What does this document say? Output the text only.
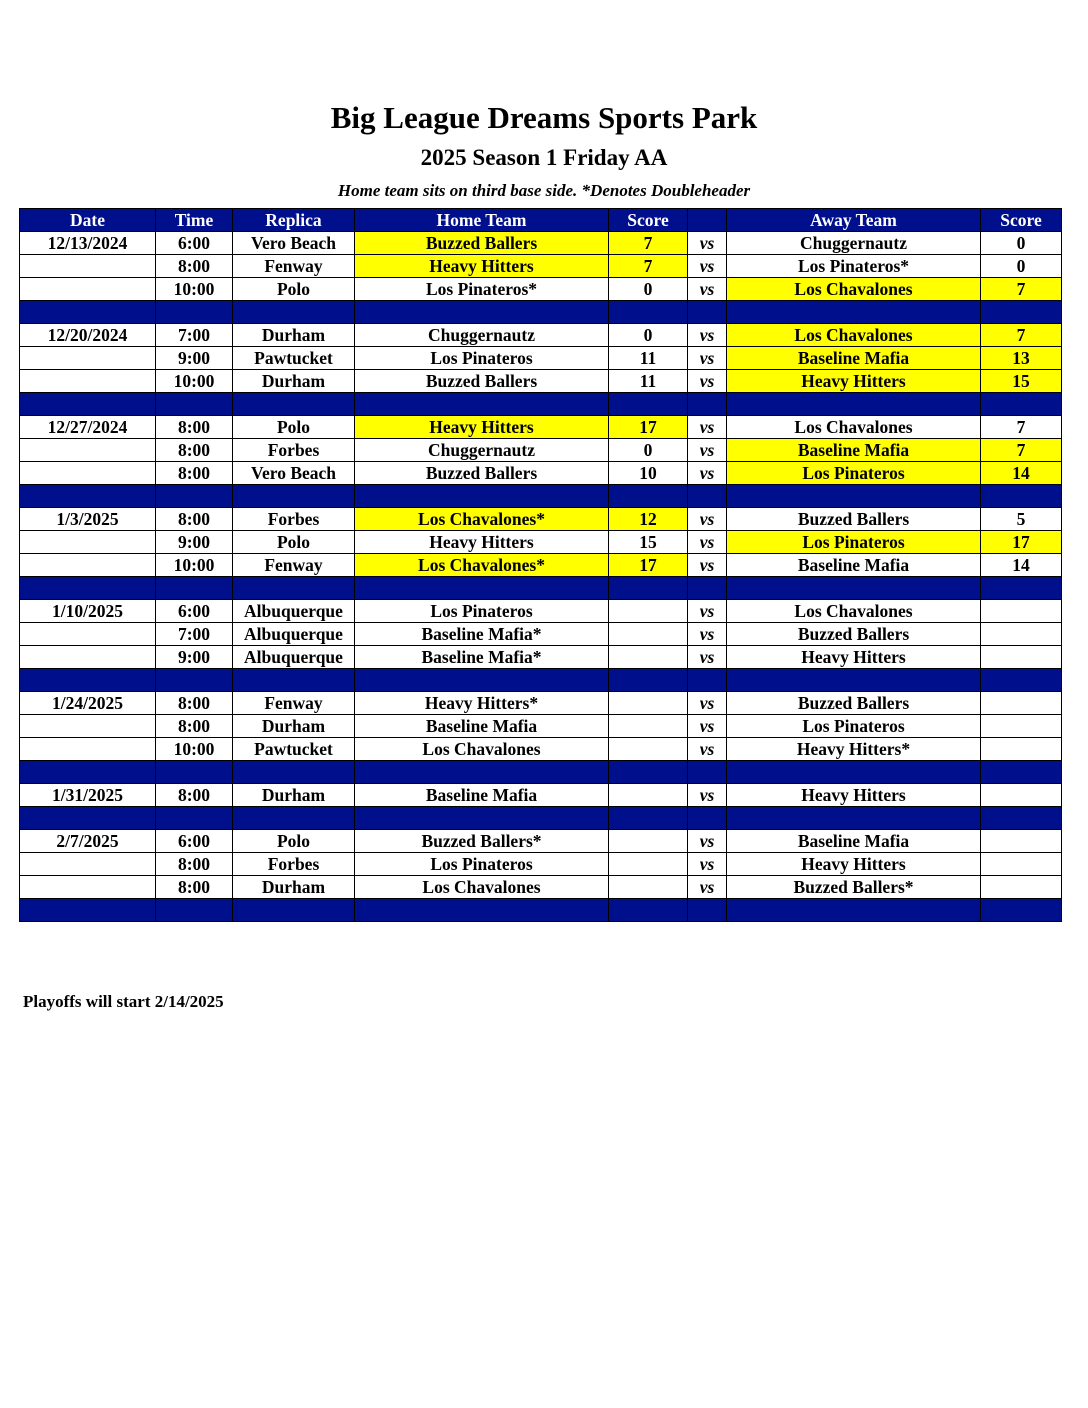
Big League Dreams Sports Park
2025 Season 1 Friday AA
Home team sits on third base side. *Denotes Doubleheader
Date	Time	Replica	Home Team	Score		Away Team	Score
12/13/2024	6:00	Vero Beach	Buzzed Ballers	7	vs	Chuggernautz	0
	8:00	Fenway	Heavy Hitters	7	vs	Los Pinateros*	0
	10:00	Polo	Los Pinateros*	0	vs	Los Chavalones	7

12/20/2024	7:00	Durham	Chuggernautz	0	vs	Los Chavalones	7
	9:00	Pawtucket	Los Pinateros	11	vs	Baseline Mafia	13
	10:00	Durham	Buzzed Ballers	11	vs	Heavy Hitters	15

12/27/2024	8:00	Polo	Heavy Hitters	17	vs	Los Chavalones	7
	8:00	Forbes	Chuggernautz	0	vs	Baseline Mafia	7
	8:00	Vero Beach	Buzzed Ballers	10	vs	Los Pinateros	14

1/3/2025	8:00	Forbes	Los Chavalones*	12	vs	Buzzed Ballers	5
	9:00	Polo	Heavy Hitters	15	vs	Los Pinateros	17
	10:00	Fenway	Los Chavalones*	17	vs	Baseline Mafia	14

1/10/2025	6:00	Albuquerque	Los Pinateros		vs	Los Chavalones	
	7:00	Albuquerque	Baseline Mafia*		vs	Buzzed Ballers	
	9:00	Albuquerque	Baseline Mafia*		vs	Heavy Hitters	

1/24/2025	8:00	Fenway	Heavy Hitters*		vs	Buzzed Ballers	
	8:00	Durham	Baseline Mafia		vs	Los Pinateros	
	10:00	Pawtucket	Los Chavalones		vs	Heavy Hitters*	

1/31/2025	8:00	Durham	Baseline Mafia		vs	Heavy Hitters	

2/7/2025	6:00	Polo	Buzzed Ballers*		vs	Baseline Mafia	
	8:00	Forbes	Los Pinateros		vs	Heavy Hitters	
	8:00	Durham	Los Chavalones		vs	Buzzed Ballers*	

Playoffs will start 2/14/2025
